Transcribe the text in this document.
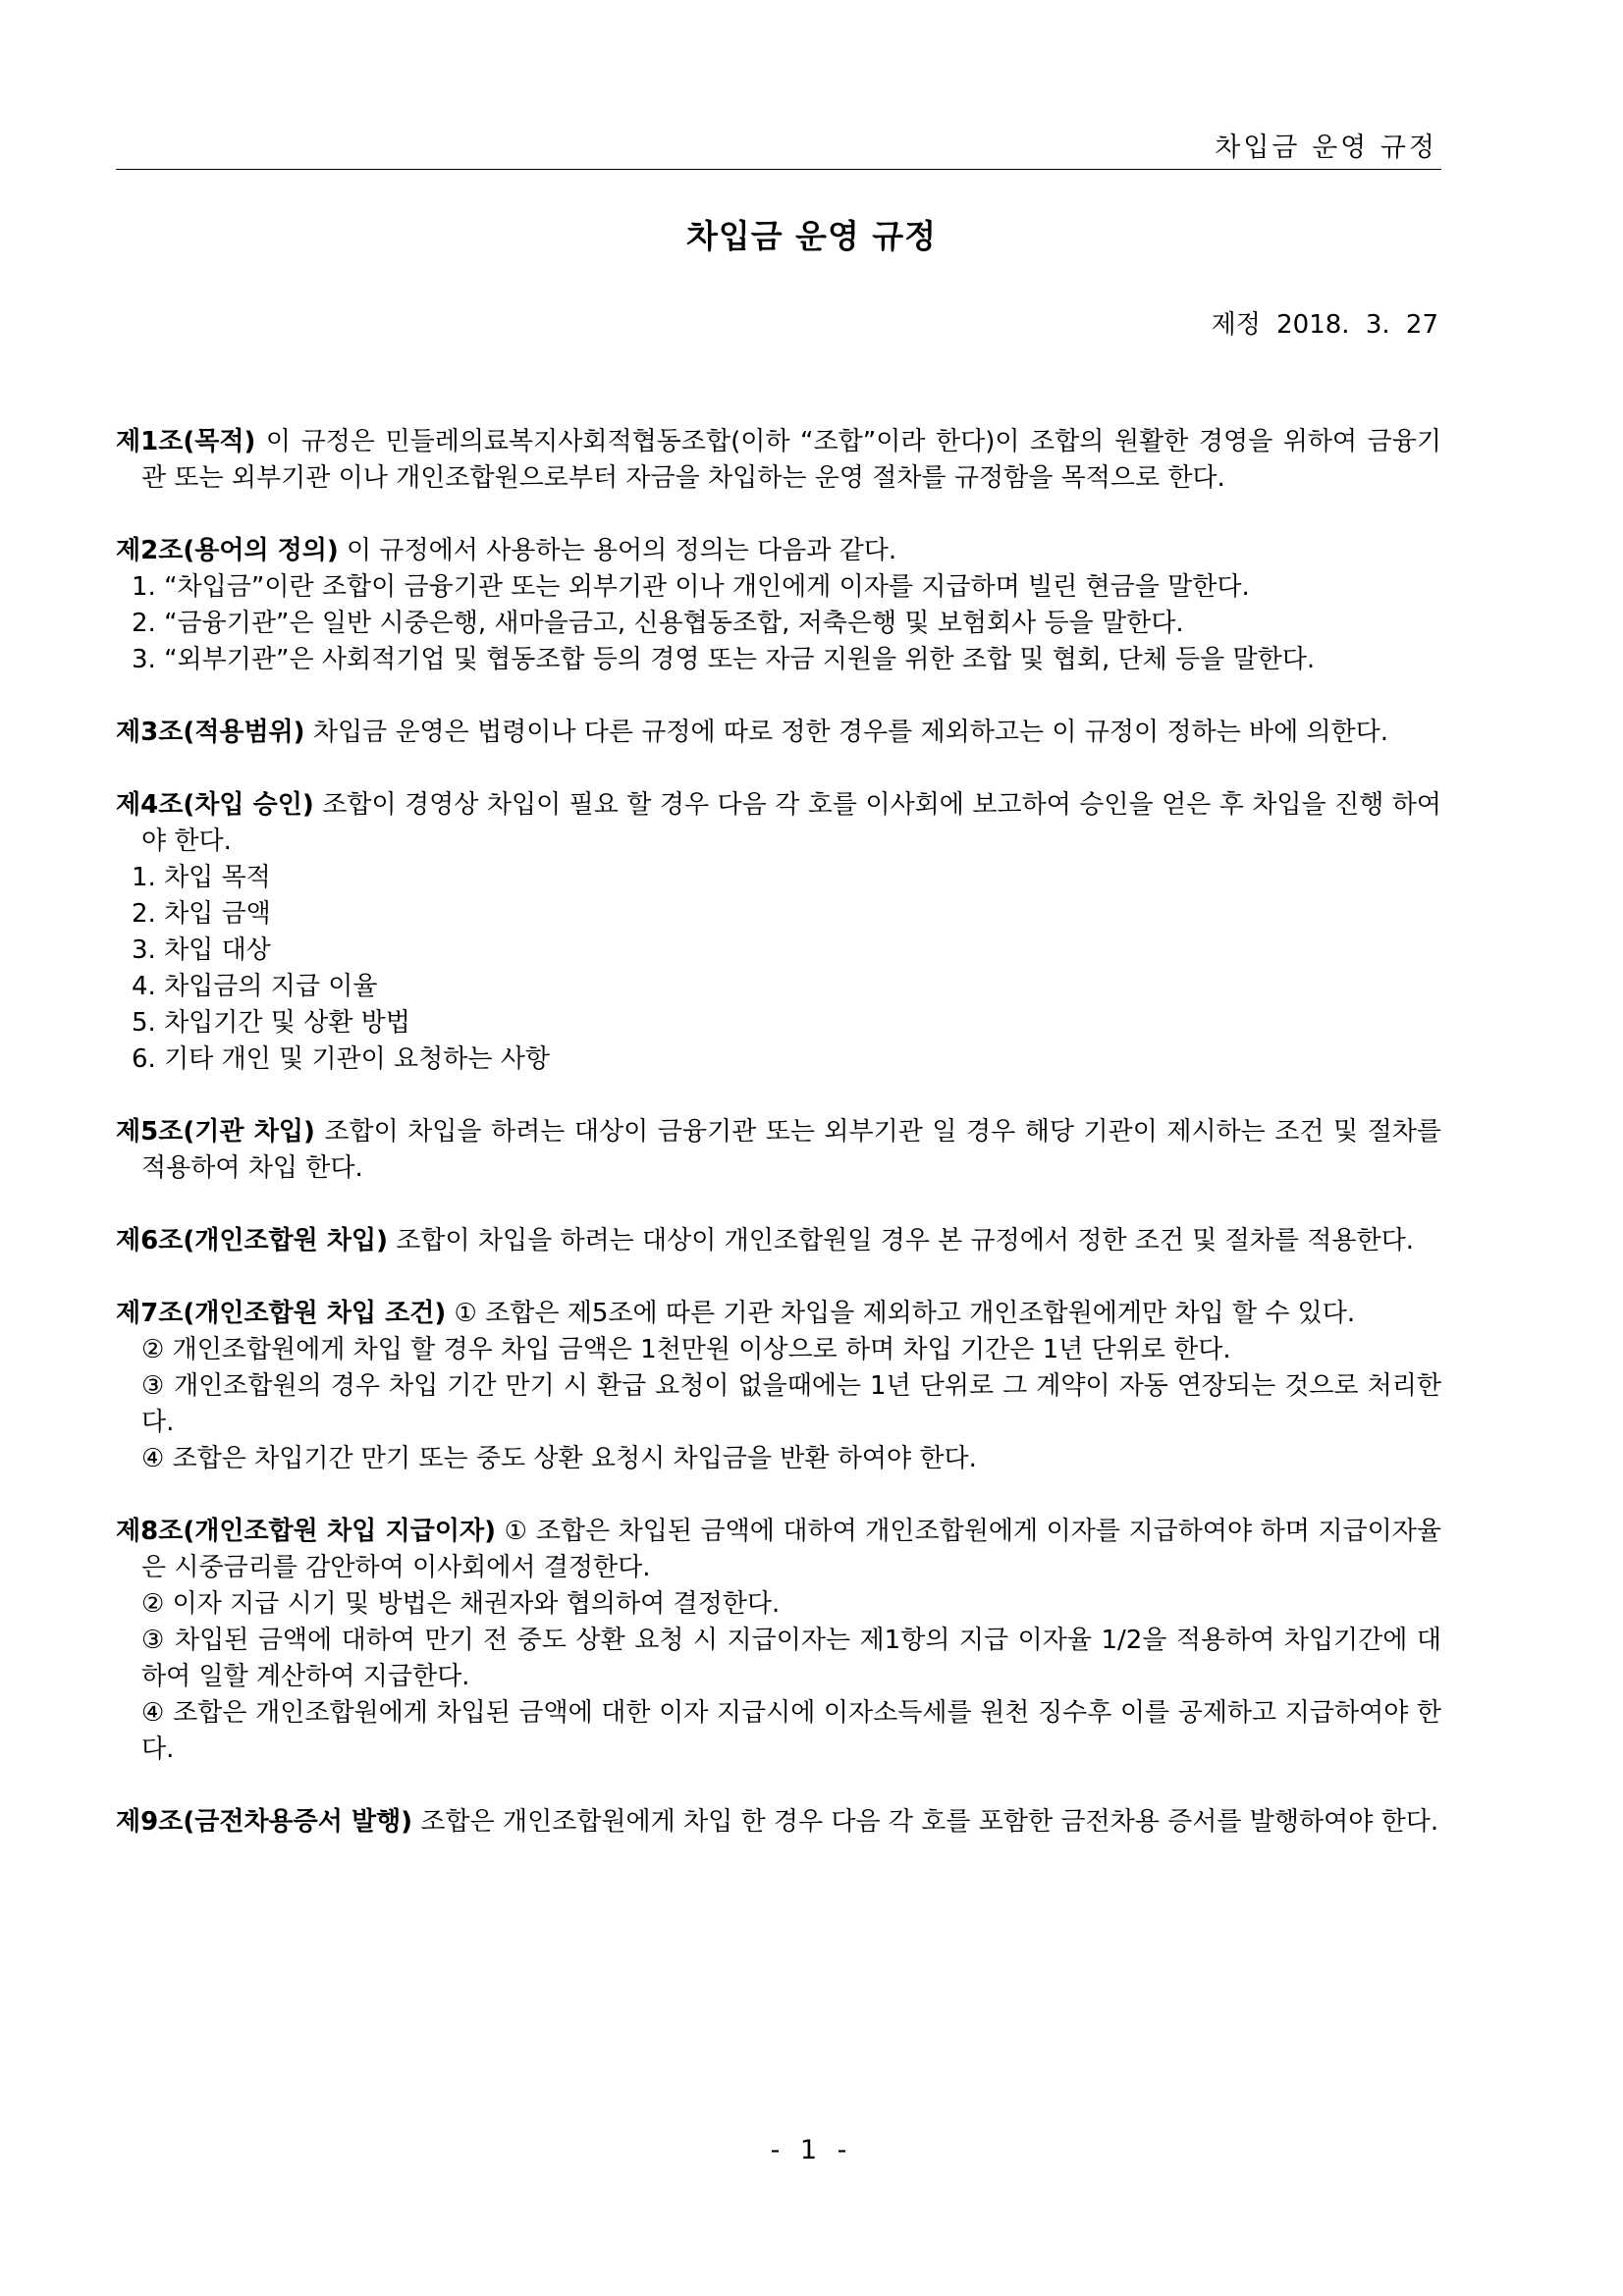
차입금 운영 규정
차입금 운영 규정
제정 2018. 3. 27

제1조(목적) 이 규정은 민들레의료복지사회적협동조합(이하 “조합”이라 한다)이 조합의 원활한 경영을 위하여 금융기관 또는 외부기관 이나 개인조합원으로부터 자금을 차입하는 운영 절차를 규정함을 목적으로 한다.

제2조(용어의 정의) 이 규정에서 사용하는 용어의 정의는 다음과 같다.

1. “차입금”이란 조합이 금융기관 또는 외부기관 이나 개인에게 이자를 지급하며 빌린 현금을 말한다.

2. “금융기관”은 일반 시중은행, 새마을금고, 신용협동조합, 저축은행 및 보험회사 등을 말한다.

3. “외부기관”은 사회적기업 및 협동조합 등의 경영 또는 자금 지원을 위한 조합 및 협회, 단체 등을 말한다.

제3조(적용범위) 차입금 운영은 법령이나 다른 규정에 따로 정한 경우를 제외하고는 이 규정이 정하는 바에 의한다.

제4조(차입 승인) 조합이 경영상 차입이 필요 할 경우 다음 각 호를 이사회에 보고하여 승인을 얻은 후 차입을 진행 하여야 한다.

1. 차입 목적

2. 차입 금액

3. 차입 대상

4. 차입금의 지급 이율

5. 차입기간 및 상환 방법

6. 기타 개인 및 기관이 요청하는 사항

제5조(기관 차입) 조합이 차입을 하려는 대상이 금융기관 또는 외부기관 일 경우 해당 기관이 제시하는 조건 및 절차를 적용하여 차입 한다.

제6조(개인조합원 차입) 조합이 차입을 하려는 대상이 개인조합원일 경우 본 규정에서 정한 조건 및 절차를 적용한다.

제7조(개인조합원 차입 조건) ① 조합은 제5조에 따른 기관 차입을 제외하고 개인조합원에게만 차입 할 수 있다.

② 개인조합원에게 차입 할 경우 차입 금액은 1천만원 이상으로 하며 차입 기간은 1년 단위로 한다.

③ 개인조합원의 경우 차입 기간 만기 시 환급 요청이 없을때에는 1년 단위로 그 계약이 자동 연장되는 것으로 처리한다.

④ 조합은 차입기간 만기 또는 중도 상환 요청시 차입금을 반환 하여야 한다.

제8조(개인조합원 차입 지급이자) ① 조합은 차입된 금액에 대하여 개인조합원에게 이자를 지급하여야 하며 지급이자율은 시중금리를 감안하여 이사회에서 결정한다.

② 이자 지급 시기 및 방법은 채권자와 협의하여 결정한다.

③ 차입된 금액에 대하여 만기 전 중도 상환 요청 시 지급이자는 제1항의 지급 이자율 1/2을 적용하여 차입기간에 대하여 일할 계산하여 지급한다.

④ 조합은 개인조합원에게 차입된 금액에 대한 이자 지급시에 이자소득세를 원천 징수후 이를 공제하고 지급하여야 한다.

제9조(금전차용증서 발행) 조합은 개인조합원에게 차입 한 경우 다음 각 호를 포함한 금전차용 증서를 발행하여야 한다.

- 1 -
